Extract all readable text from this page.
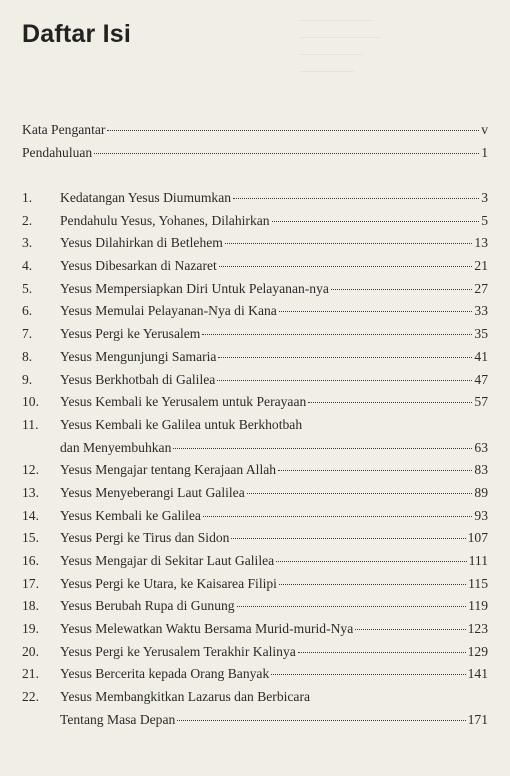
————————
—————————
———————
——————
Daftar Isi
Kata Pengantar	v
Pendahuluan	1
1.	Kedatangan Yesus Diumumkan	3
2.	Pendahulu Yesus, Yohanes, Dilahirkan	5
3.	Yesus Dilahirkan di Betlehem	13
4.	Yesus Dibesarkan di Nazaret	21
5.	Yesus Mempersiapkan Diri Untuk Pelayanan-nya	27
6.	Yesus Memulai Pelayanan-Nya di Kana	33
7.	Yesus Pergi ke Yerusalem	35
8.	Yesus Mengunjungi Samaria	41
9.	Yesus Berkhotbah di Galilea	47
10.	Yesus Kembali ke Yerusalem untuk Perayaan	57
11.	Yesus Kembali ke Galilea untuk Berkhotbah
dan Menyembuhkan	63
12.	Yesus Mengajar tentang Kerajaan Allah	83
13.	Yesus Menyeberangi Laut Galilea	89
14.	Yesus Kembali ke Galilea	93
15.	Yesus Pergi ke Tirus dan Sidon	107
16.	Yesus Mengajar di Sekitar Laut Galilea	111
17.	Yesus Pergi ke Utara, ke Kaisarea Filipi	115
18.	Yesus Berubah Rupa di Gunung	119
19.	Yesus Melewatkan Waktu Bersama Murid-murid-Nya	123
20.	Yesus Pergi ke Yerusalem Terakhir Kalinya	129
21.	Yesus Bercerita kepada Orang Banyak	141
22.	Yesus Membangkitkan Lazarus dan Berbicara
Tentang Masa Depan	171
